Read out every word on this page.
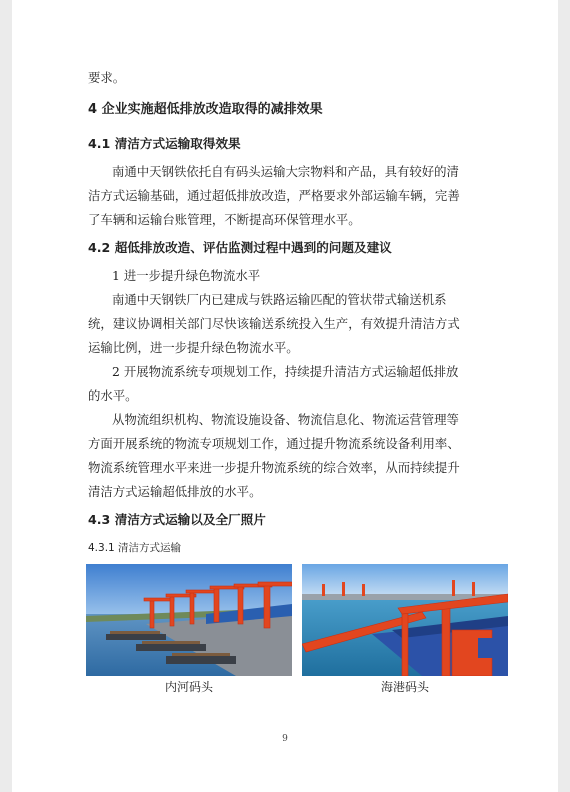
要求。
4 企业实施超低排放改造取得的减排效果
4.1 清洁方式运输取得效果
南通中天钢铁依托自有码头运输大宗物料和产品，具有较好的清
洁方式运输基础，通过超低排放改造，严格要求外部运输车辆，完善
了车辆和运输台账管理，不断提高环保管理水平。
4.2 超低排放改造、评估监测过程中遇到的问题及建议
1 进一步提升绿色物流水平
南通中天钢铁厂内已建成与铁路运输匹配的管状带式输送机系
统，建议协调相关部门尽快该输送系统投入生产，有效提升清洁方式
运输比例，进一步提升绿色物流水平。
2 开展物流系统专项规划工作，持续提升清洁方式运输超低排放
的水平。
从物流组织机构、物流设施设备、物流信息化、物流运营管理等
方面开展系统的物流专项规划工作，通过提升物流系统设备利用率、
物流系统管理水平来进一步提升物流系统的综合效率，从而持续提升
清洁方式运输超低排放的水平。
4.3 清洁方式运输以及全厂照片
4.3.1 清洁方式运输
内河码头	海港码头
9
